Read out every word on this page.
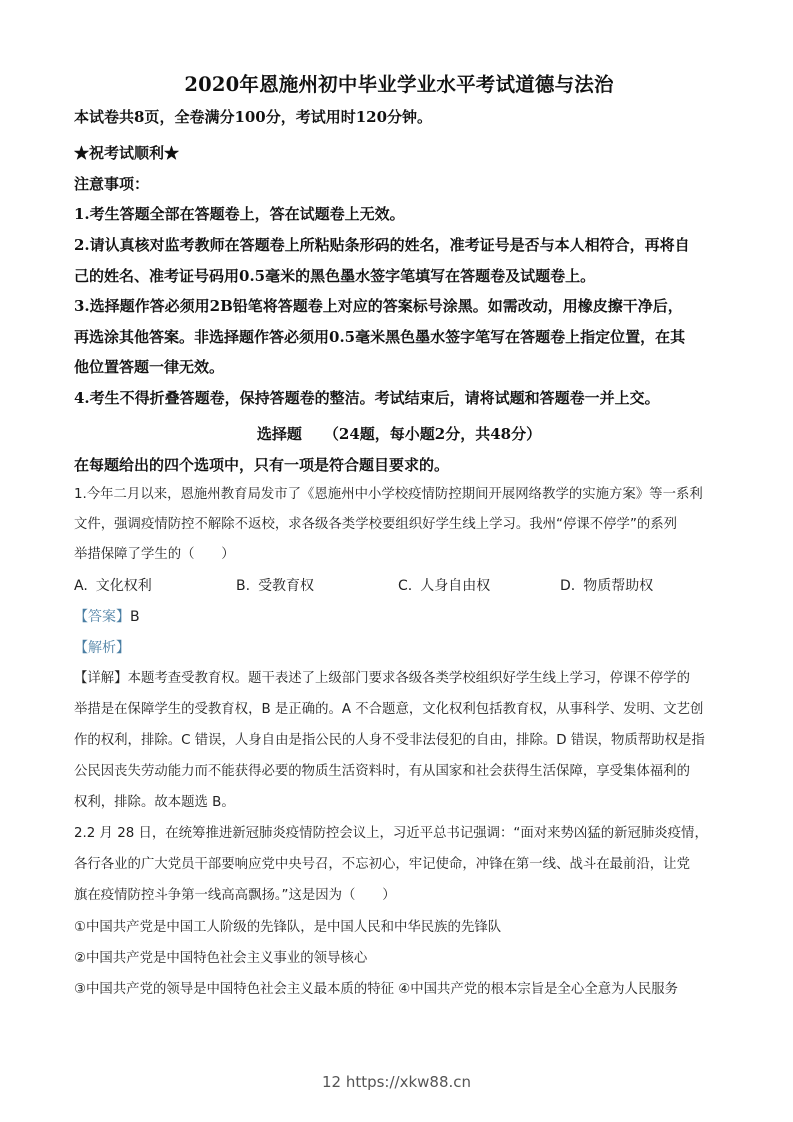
2020年恩施州初中毕业学业水平考试道德与法治
本试卷共8页，全卷满分100分，考试用时120分钟。
★祝考试顺利★
注意事项：
1.考生答题全部在答题卷上，答在试题卷上无效。
2.请认真核对监考教师在答题卷上所粘贴条形码的姓名，准考证号是否与本人相符合，再将自
己的姓名、准考证号码用0.5毫米的黑色墨水签字笔填写在答题卷及试题卷上。
3.选择题作答必须用2B铅笔将答题卷上对应的答案标号涂黑。如需改动，用橡皮擦干净后，
再选涂其他答案。非选择题作答必须用0.5毫米黑色墨水签字笔写在答题卷上指定位置，在其
他位置答题一律无效。
4.考生不得折叠答题卷，保持答题卷的整洁。考试结束后，请将试题和答题卷一并上交。
选择题 （24题，每小题2分，共48分）
在每题给出的四个选项中，只有一项是符合题目要求的。
1.今年二月以来，恩施州教育局发市了《恩施州中小学校疫情防控期间开展网络教学的实施方案》等一系利
文件，强调疫情防控不解除不返校，求各级各类学校要组织好学生线上学习。我州“停课不停学”的系列
举措保障了学生的（　　）
A. 文化权利	B. 受教育权	C. 人身自由权	D. 物质帮助权
【答案】B
【解析】
【详解】本题考查受教育权。题干表述了上级部门要求各级各类学校组织好学生线上学习，停课不停学的
举措是在保障学生的受教育权，B 是正确的。A 不合题意，文化权利包括教育权，从事科学、发明、文艺创
作的权利，排除。C 错误，人身自由是指公民的人身不受非法侵犯的自由，排除。D 错误，物质帮助权是指
公民因丧失劳动能力而不能获得必要的物质生活资料时，有从国家和社会获得生活保障，享受集体福利的
权利，排除。故本题选 B。
2.2 月 28 日，在统筹推进新冠肺炎疫情防控会议上，习近平总书记强调：“面对来势凶猛的新冠肺炎疫情，
各行各业的广大党员干部要响应党中央号召，不忘初心，牢记使命，冲锋在第一线、战斗在最前沿，让党
旗在疫情防控斗争第一线高高飘扬。”这是因为（　　）
①中国共产党是中国工人阶级的先锋队，是中国人民和中华民族的先锋队
②中国共产党是中国特色社会主义事业的领导核心
③中国共产党的领导是中国特色社会主义最本质的特征 ④中国共产党的根本宗旨是全心全意为人民服务
12 https://xkw88.cn
